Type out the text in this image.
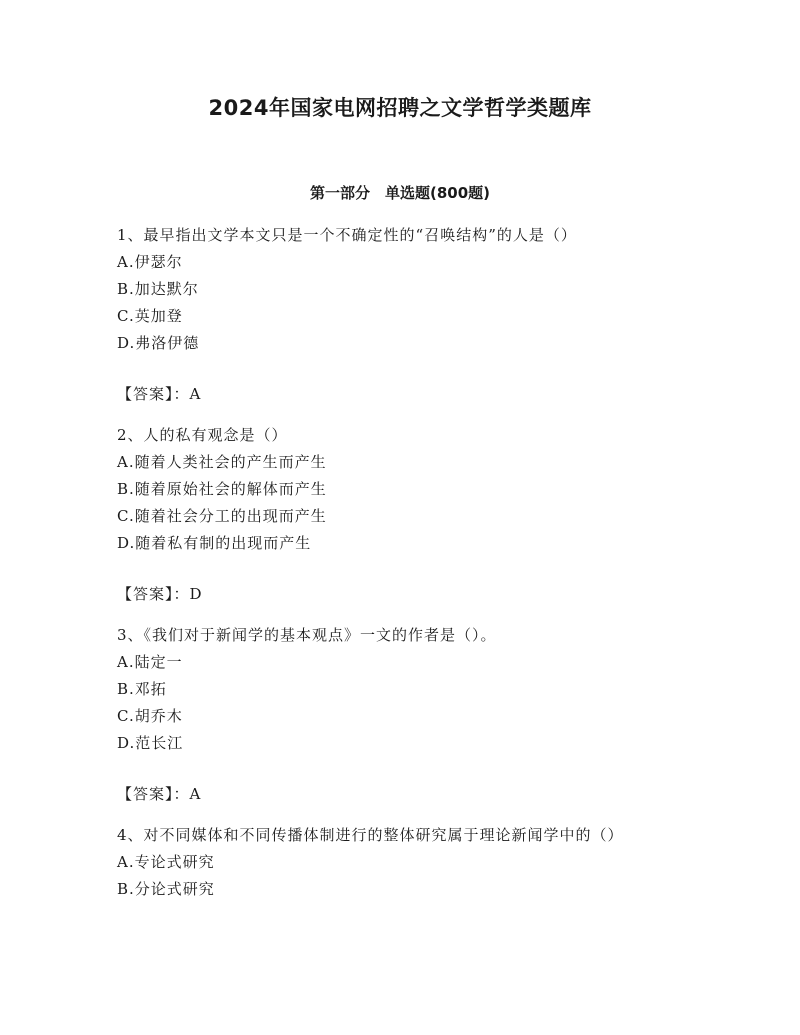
2024年国家电网招聘之文学哲学类题库
第一部分　单选题(800题)

1、最早指出文学本文只是一个不确定性的“召唤结构”的人是（）

A.伊瑟尔

B.加达默尔

C.英加登

D.弗洛伊德

【答案】：A

2、人的私有观念是（）

A.随着人类社会的产生而产生

B.随着原始社会的解体而产生

C.随着社会分工的出现而产生

D.随着私有制的出现而产生

【答案】：D

3、《我们对于新闻学的基本观点》一文的作者是（）。

A.陆定一

B.邓拓

C.胡乔木

D.范长江

【答案】：A

4、对不同媒体和不同传播体制进行的整体研究属于理论新闻学中的（）

A.专论式研究

B.分论式研究
